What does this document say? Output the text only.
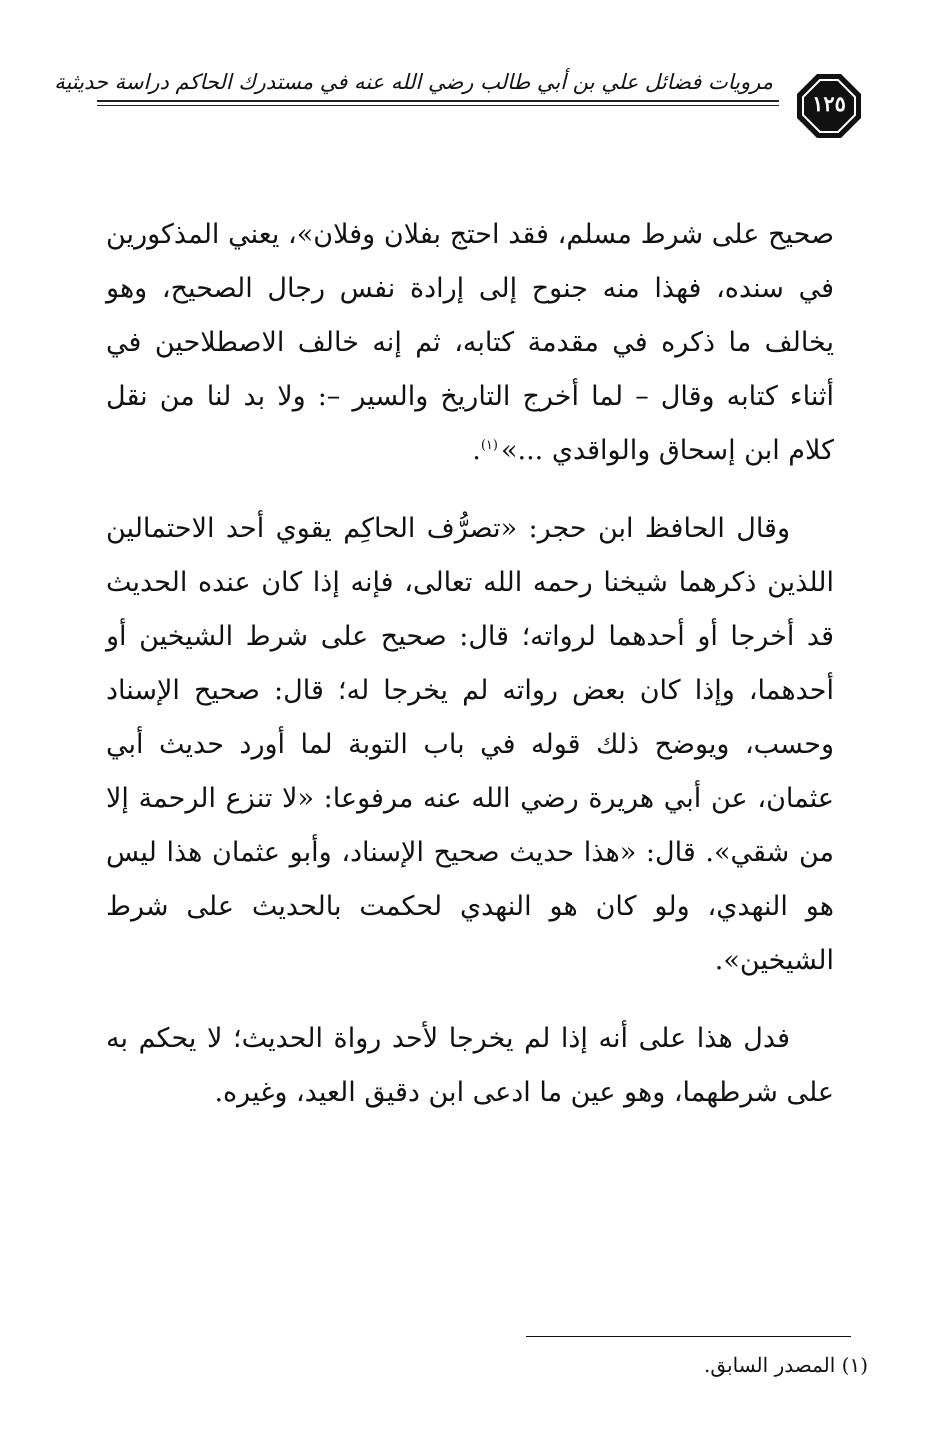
مرويات فضائل علي بن أبي طالب رضي الله عنه في مستدرك الحاكم دراسة حديثية
١٢٥

صحيح على شرط مسلم، فقد احتج بفلان وفلان»، يعني المذكورين في سنده، فهذا منه جنوح إلى إرادة نفس رجال الصحيح، وهو يخالف ما ذكره في مقدمة كتابه، ثم إنه خالف الاصطلاحين في أثناء كتابه وقال – لما أخرج التاريخ والسير –: ولا بد لنا من نقل كلام ابن إسحاق والواقدي ...»$^{(١)}$.

وقال الحافظ ابن حجر: «تصرُّف الحاكِم يقوي أحد الاحتمالين اللذين ذكرهما شيخنا رحمه الله تعالى، فإنه إذا كان عنده الحديث قد أخرجا أو أحدهما لرواته؛ قال: صحيح على شرط الشيخين أو أحدهما، وإذا كان بعض رواته لم يخرجا له؛ قال: صحيح الإسناد وحسب، ويوضح ذلك قوله في باب التوبة لما أورد حديث أبي عثمان، عن أبي هريرة رضي الله عنه مرفوعا: «لا تنزع الرحمة إلا من شقي». قال: «هذا حديث صحيح الإسناد، وأبو عثمان هذا ليس هو النهدي، ولو كان هو النهدي لحكمت بالحديث على شرط الشيخين».

فدل هذا على أنه إذا لم يخرجا لأحد رواة الحديث؛ لا يحكم به على شرطهما، وهو عين ما ادعى ابن دقيق العيد، وغيره.

(١) المصدر السابق.
